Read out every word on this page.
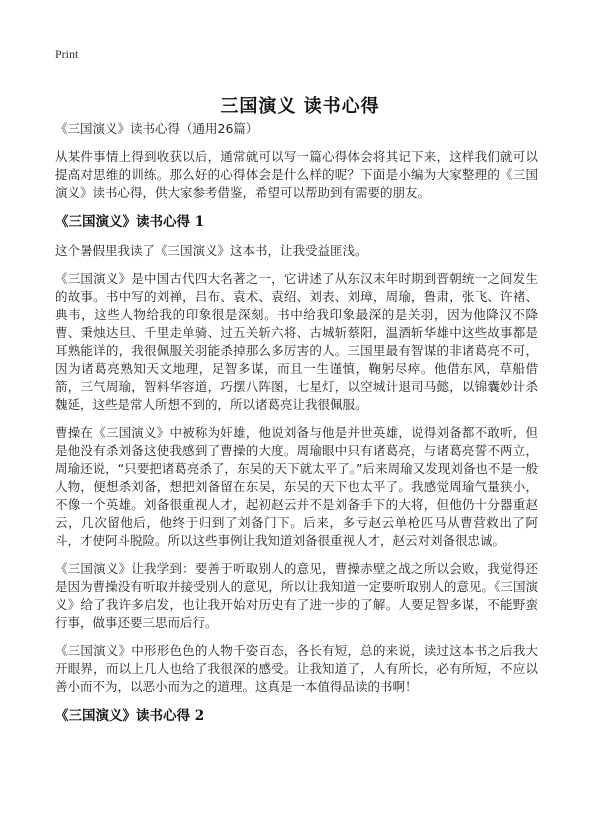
Print
三国演义 读书心得
《三国演义》读书心得（通用26篇）

从某件事情上得到收获以后，通常就可以写一篇心得体会将其记下来，这样我们就可以提高对思维的训练。那么好的心得体会是什么样的呢？下面是小编为大家整理的《三国演义》读书心得，供大家参考借鉴，希望可以帮助到有需要的朋友。

《三国演义》读书心得 1

这个暑假里我读了《三国演义》这本书，让我受益匪浅。

《三国演义》是中国古代四大名著之一，它讲述了从东汉末年时期到晋朝统一之间发生的故事。书中写的刘禅，吕布、袁术、袁绍、刘表、刘璋，周瑜，鲁肃，张飞、许褚、典韦，这些人物给我的印象很是深刻。书中给我印象最深的是关羽，因为他降汉不降曹、秉烛达旦、千里走单骑、过五关斩六将、古城斩蔡阳，温酒斩华雄中这些故事都是耳熟能详的，我很佩服关羽能杀掉那么多厉害的人。三国里最有智谋的非诸葛亮不可，因为诸葛亮熟知天文地理，足智多谋，而且一生谨慎，鞠躬尽瘁。他借东风，草船借箭，三气周瑜，智料华容道，巧摆八阵图，七星灯，以空城计退司马懿，以锦囊妙计杀魏延，这些是常人所想不到的，所以诸葛亮让我很佩服。

曹操在《三国演义》中被称为奸雄，他说刘备与他是并世英雄，说得刘备都不敢听，但是他没有杀刘备这使我感到了曹操的大度。周瑜眼中只有诸葛亮，与诸葛亮誓不两立，周瑜还说，“只要把诸葛亮杀了，东吴的天下就太平了。”后来周瑜又发现刘备也不是一般人物，便想杀刘备，想把刘备留在东吴，东吴的天下也太平了。我感觉周瑜气量狭小，不像一个英雄。刘备很重视人才，起初赵云并不是刘备手下的大将，但他仍十分器重赵云，几次留他后，他终于归到了刘备门下。后来，多亏赵云单枪匹马从曹营救出了阿斗，才使阿斗脱险。所以这些事例让我知道刘备很重视人才，赵云对刘备很忠诚。

《三国演义》让我学到：要善于听取别人的意见，曹操赤壁之战之所以会败，我觉得还是因为曹操没有听取并接受别人的意见，所以让我知道一定要听取别人的意见。《三国演义》给了我许多启发，也让我开始对历史有了进一步的了解。人要足智多谋，不能野蛮行事，做事还要三思而后行。

《三国演义》中形形色色的人物千姿百态，各长有短，总的来说，读过这本书之后我大开眼界，而以上几人也给了我很深的感受。让我知道了，人有所长，必有所短，不应以善小而不为，以恶小而为之的道理。这真是一本值得品读的书啊！

《三国演义》读书心得 2
